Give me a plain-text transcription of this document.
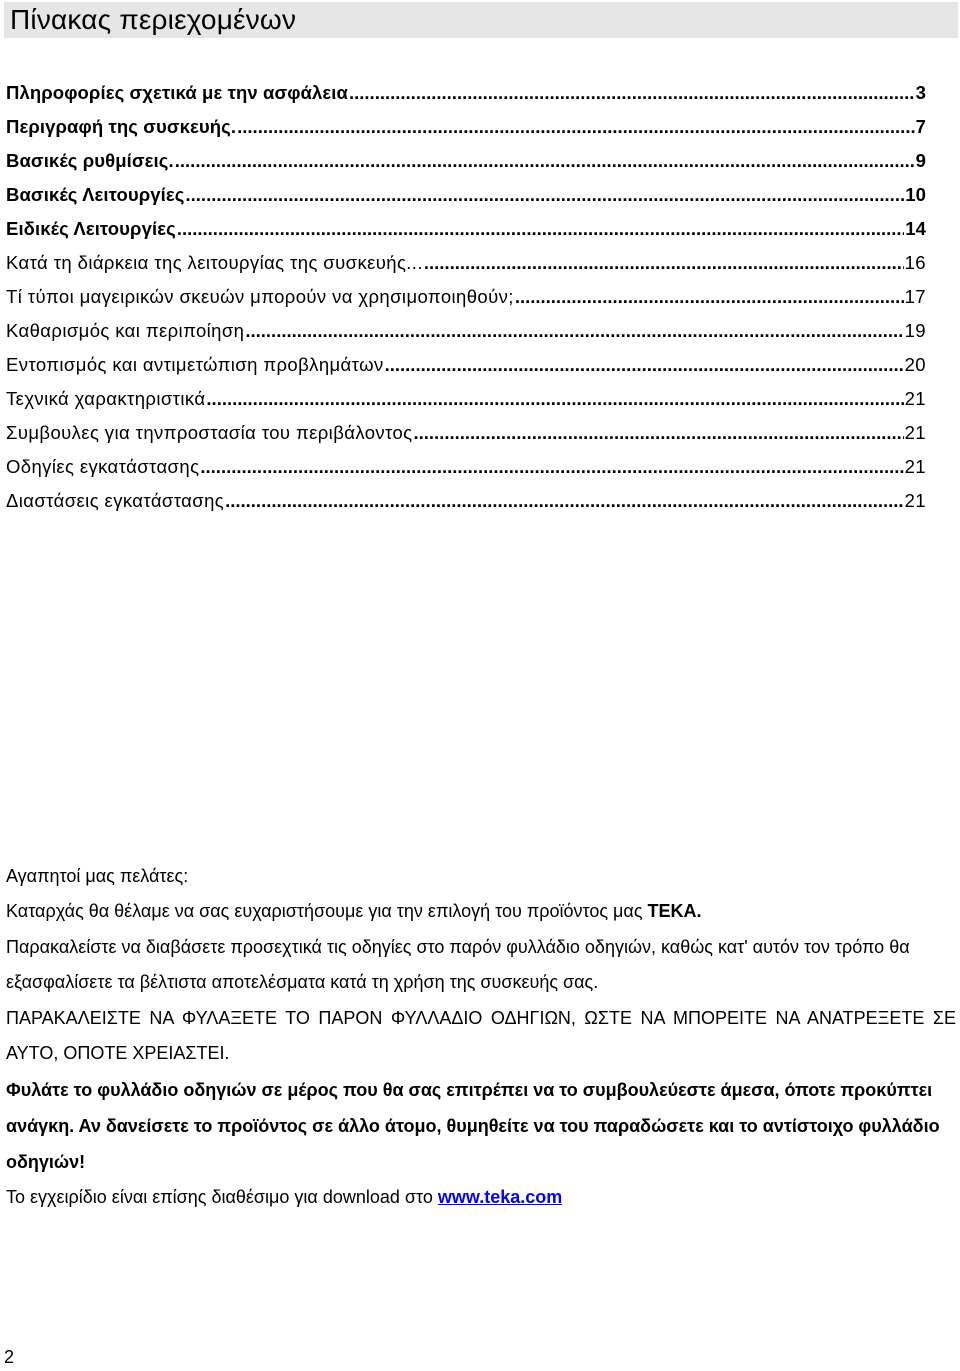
Πίνακας περιεχομένων
Πληροφορίες σχετικά με την ασφάλεια .....	3
Περιγραφή της συσκευής. .....	7
Βασικές ρυθμίσεις. .....	9
Βασικές Λειτουργίες .....	10
Ειδικές Λειτουργίες .....	14
Κατά τη διάρκεια της λειτουργίας της συσκευής... .....	16
Τί τύποι μαγειρικών σκευών μπορούν να χρησιμοποιηθούν; .....	17
Καθαρισμός και περιποίηση .....	19
Εντοπισμός και αντιμετώπιση προβλημάτων .....	20
Τεχνικά χαρακτηριστικά .....	21
Συμβουλες για τηνπροστασία του περιβάλοντος .....	21
Οδηγίες εγκατάστασης .....	21
Διαστάσεις εγκατάστασης .....	21

Αγαπητοί μας πελάτες:

Καταρχάς θα θέλαμε να σας ευχαριστήσουμε για την επιλογή του προϊόντος μας TEKA.

Παρακαλείστε να διαβάσετε προσεχτικά τις οδηγίες στο παρόν φυλλάδιο οδηγιών, καθώς κατ' αυτόν τον τρόπο θα εξασφαλίσετε τα βέλτιστα αποτελέσματα κατά τη χρήση της συσκευής σας.

ΠΑΡΑΚΑΛΕΙΣΤΕ ΝΑ ΦΥΛΑΞΕΤΕ ΤΟ ΠΑΡΟΝ ΦΥΛΛΑΔΙΟ ΟΔΗΓΙΩΝ, ΩΣΤΕ ΝΑ ΜΠΟΡΕΙΤΕ ΝΑ ΑΝΑΤΡΕΞΕΤΕ ΣΕ ΑΥΤΟ, ΟΠΟΤΕ ΧΡΕΙΑΣΤΕΙ.

Φυλάτε το φυλλάδιο οδηγιών σε μέρος που θα σας επιτρέπει να το συμβουλεύεστε άμεσα, όποτε προκύπτει ανάγκη. Αν δανείσετε το προϊόντος σε άλλο άτομο, θυμηθείτε να του παραδώσετε και το αντίστοιχο φυλλάδιο οδηγιών!

Το εγχειρίδιο είναι επίσης διαθέσιμο για download στο www.teka.com

2
